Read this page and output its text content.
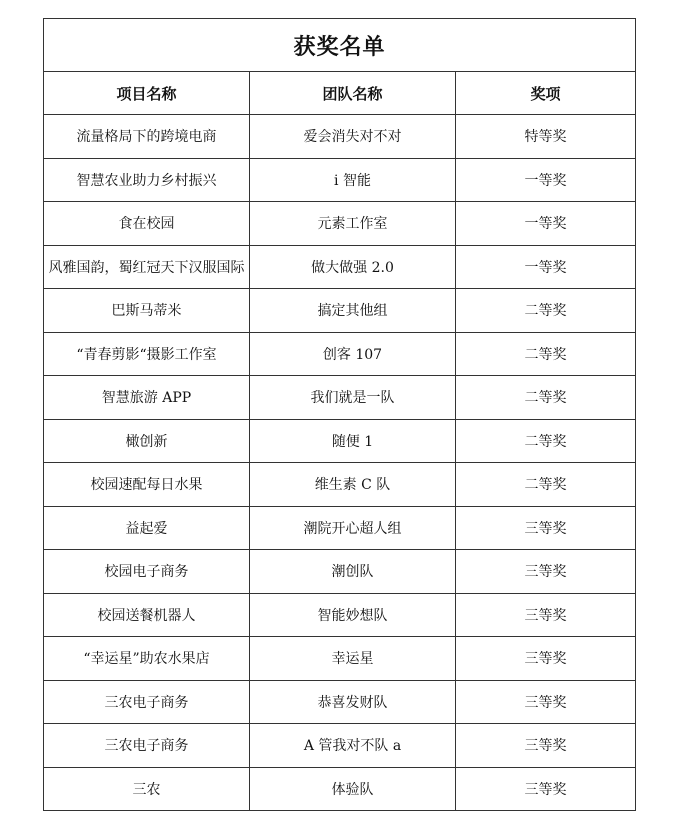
获奖名单		
项目名称	团队名称	奖项
流量格局下的跨境电商	爱会消失对不对	特等奖
智慧农业助力乡村振兴	i 智能	一等奖
食在校园	元素工作室	一等奖
风雅国韵，蜀红冠天下汉服国际	做大做强 2.0	一等奖
巴斯马蒂米	搞定其他组	二等奖
“青春剪影“摄影工作室	创客 107	二等奖
智慧旅游 APP	我们就是一队	二等奖
橄创新	随便 1	二等奖
校园速配每日水果	维生素 C 队	二等奖
益起爱	潮院开心超人组	三等奖
校园电子商务	潮创队	三等奖
校园送餐机器人	智能妙想队	三等奖
“幸运星”助农水果店	幸运星	三等奖
三农电子商务	恭喜发财队	三等奖
三农电子商务	A 管我对不队 a	三等奖
三农	体验队	三等奖
